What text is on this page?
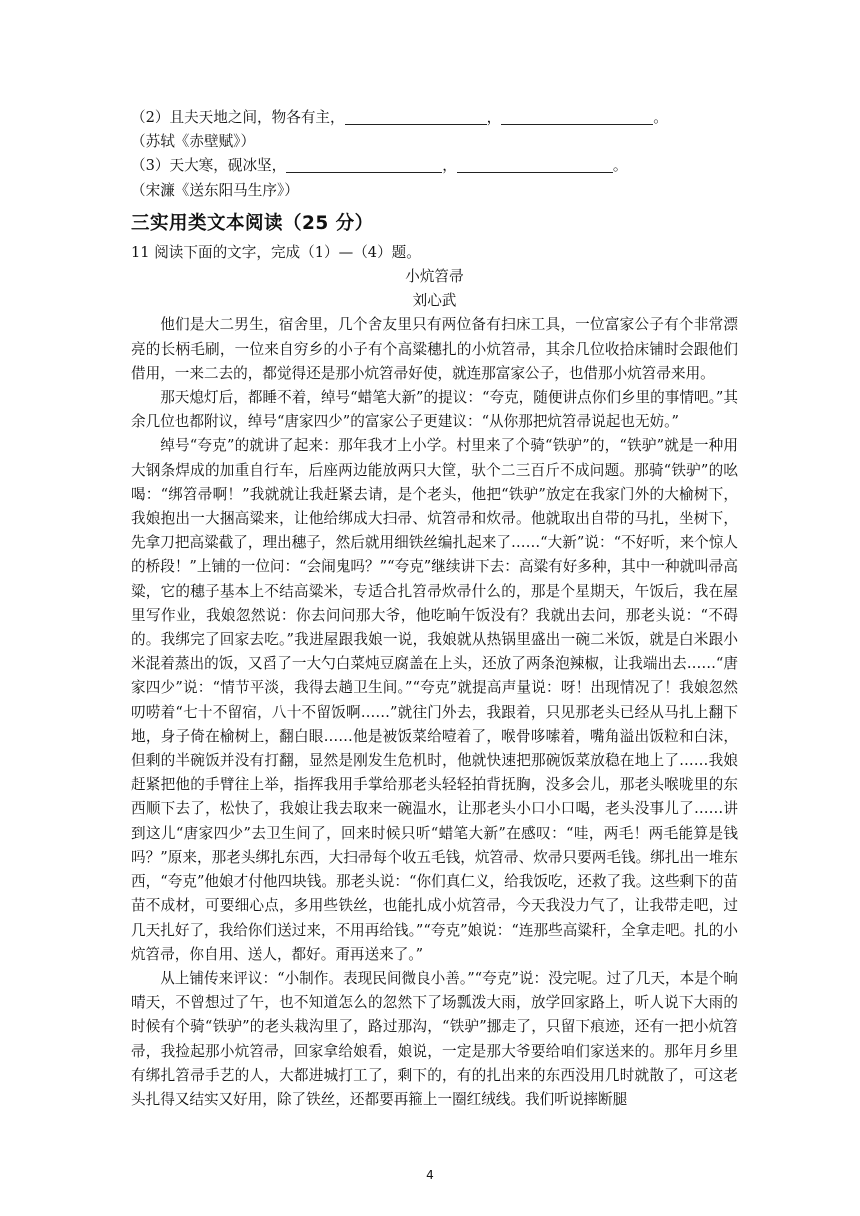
（2）且夫天地之间，物各有主，	，	。

（苏轼《赤壁赋》）

（3）天大寒，砚冰坚，	，	。

（宋濂《送东阳马生序》）

三实用类文本阅读（25 分）

11 阅读下面的文字，完成（1）—（4）题。

小炕笤帚

刘心武

他们是大二男生，宿舍里，几个舍友里只有两位备有扫床工具，一位富家公子有个非常漂亮的长柄毛刷，一位来自穷乡的小子有个高粱穗扎的小炕笤帚，其余几位收拾床铺时会跟他们借用，一来二去的，都觉得还是那小炕笤帚好使，就连那富家公子，也借那小炕笤帚来用。

那天熄灯后，都睡不着，绰号“蜡笔大新”的提议：“夸克，随便讲点你们乡里的事情吧。”其余几位也都附议，绰号“唐家四少”的富家公子更建议：“从你那把炕笤帚说起也无妨。”

绰号“夸克”的就讲了起来：那年我才上小学。村里来了个骑“铁驴”的，“铁驴”就是一种用大钢条焊成的加重自行车，后座两边能放两只大筐，驮个二三百斤不成问题。那骑“铁驴”的吆喝：“绑笤帚啊！”我就就让我赶紧去请，是个老头，他把“铁驴”放定在我家门外的大榆树下，我娘抱出一大捆高粱来，让他给绑成大扫帚、炕笤帚和炊帚。他就取出自带的马扎，坐树下，先拿刀把高粱截了，理出穗子，然后就用细铁丝编扎起来了……“大新”说：“不好听，来个惊人的桥段！”上铺的一位问：“会闹鬼吗？”“夸克”继续讲下去：高粱有好多种，其中一种就叫帚高粱，它的穗子基本上不结高粱米，专适合扎笤帚炊帚什么的，那是个星期天，午饭后，我在屋里写作业，我娘忽然说：你去问问那大爷，他吃晌午饭没有？我就出去问，那老头说：“不碍的。我绑完了回家去吃。”我进屋跟我娘一说，我娘就从热锅里盛出一碗二米饭，就是白米跟小米混着蒸出的饭，又舀了一大勺白菜炖豆腐盖在上头，还放了两条泡辣椒，让我端出去……“唐家四少”说：“情节平淡，我得去趟卫生间。”“夸克”就提高声量说：呀！出现情况了！我娘忽然叨唠着“七十不留宿，八十不留饭啊……”就往门外去，我跟着，只见那老头已经从马扎上翻下地，身子倚在榆树上，翻白眼……他是被饭菜给噎着了，喉骨哆嗦着，嘴角溢出饭粒和白沫，但剩的半碗饭并没有打翻，显然是刚发生危机时，他就快速把那碗饭菜放稳在地上了……我娘赶紧把他的手臂往上举，指挥我用手掌给那老头轻轻拍背抚胸，没多会儿，那老头喉咙里的东西顺下去了，松快了，我娘让我去取来一碗温水，让那老头小口小口喝，老头没事儿了……讲到这儿“唐家四少”去卫生间了，回来时候只听“蜡笔大新”在感叹：“哇，两毛！两毛能算是钱吗？”原来，那老头绑扎东西，大扫帚每个收五毛钱，炕笤帚、炊帚只要两毛钱。绑扎出一堆东西，“夸克”他娘才付他四块钱。那老头说：“你们真仁义，给我饭吃，还救了我。这些剩下的苗苗不成材，可要细心点，多用些铁丝，也能扎成小炕笤帚，今天我没力气了，让我带走吧，过几天扎好了，我给你们送过来，不用再给钱。”“夸克”娘说：“连那些高粱秆，全拿走吧。扎的小炕笤帚，你自用、送人，都好。甭再送来了。”

从上铺传来评议：“小制作。表现民间微良小善。”“夸克”说：没完呢。过了几天，本是个晌晴天，不曾想过了午，也不知道怎么的忽然下了场瓢泼大雨，放学回家路上，听人说下大雨的时候有个骑“铁驴”的老头栽沟里了，路过那沟，“铁驴”挪走了，只留下痕迹，还有一把小炕笤帚，我捡起那小炕笤帚，回家拿给娘看，娘说，一定是那大爷要给咱们家送来的。那年月乡里有绑扎笤帚手艺的人，大都进城打工了，剩下的，有的扎出来的东西没用几时就散了，可这老头扎得又结实又好用，除了铁丝，还都要再箍上一圈红绒线。我们听说摔断腿

4
